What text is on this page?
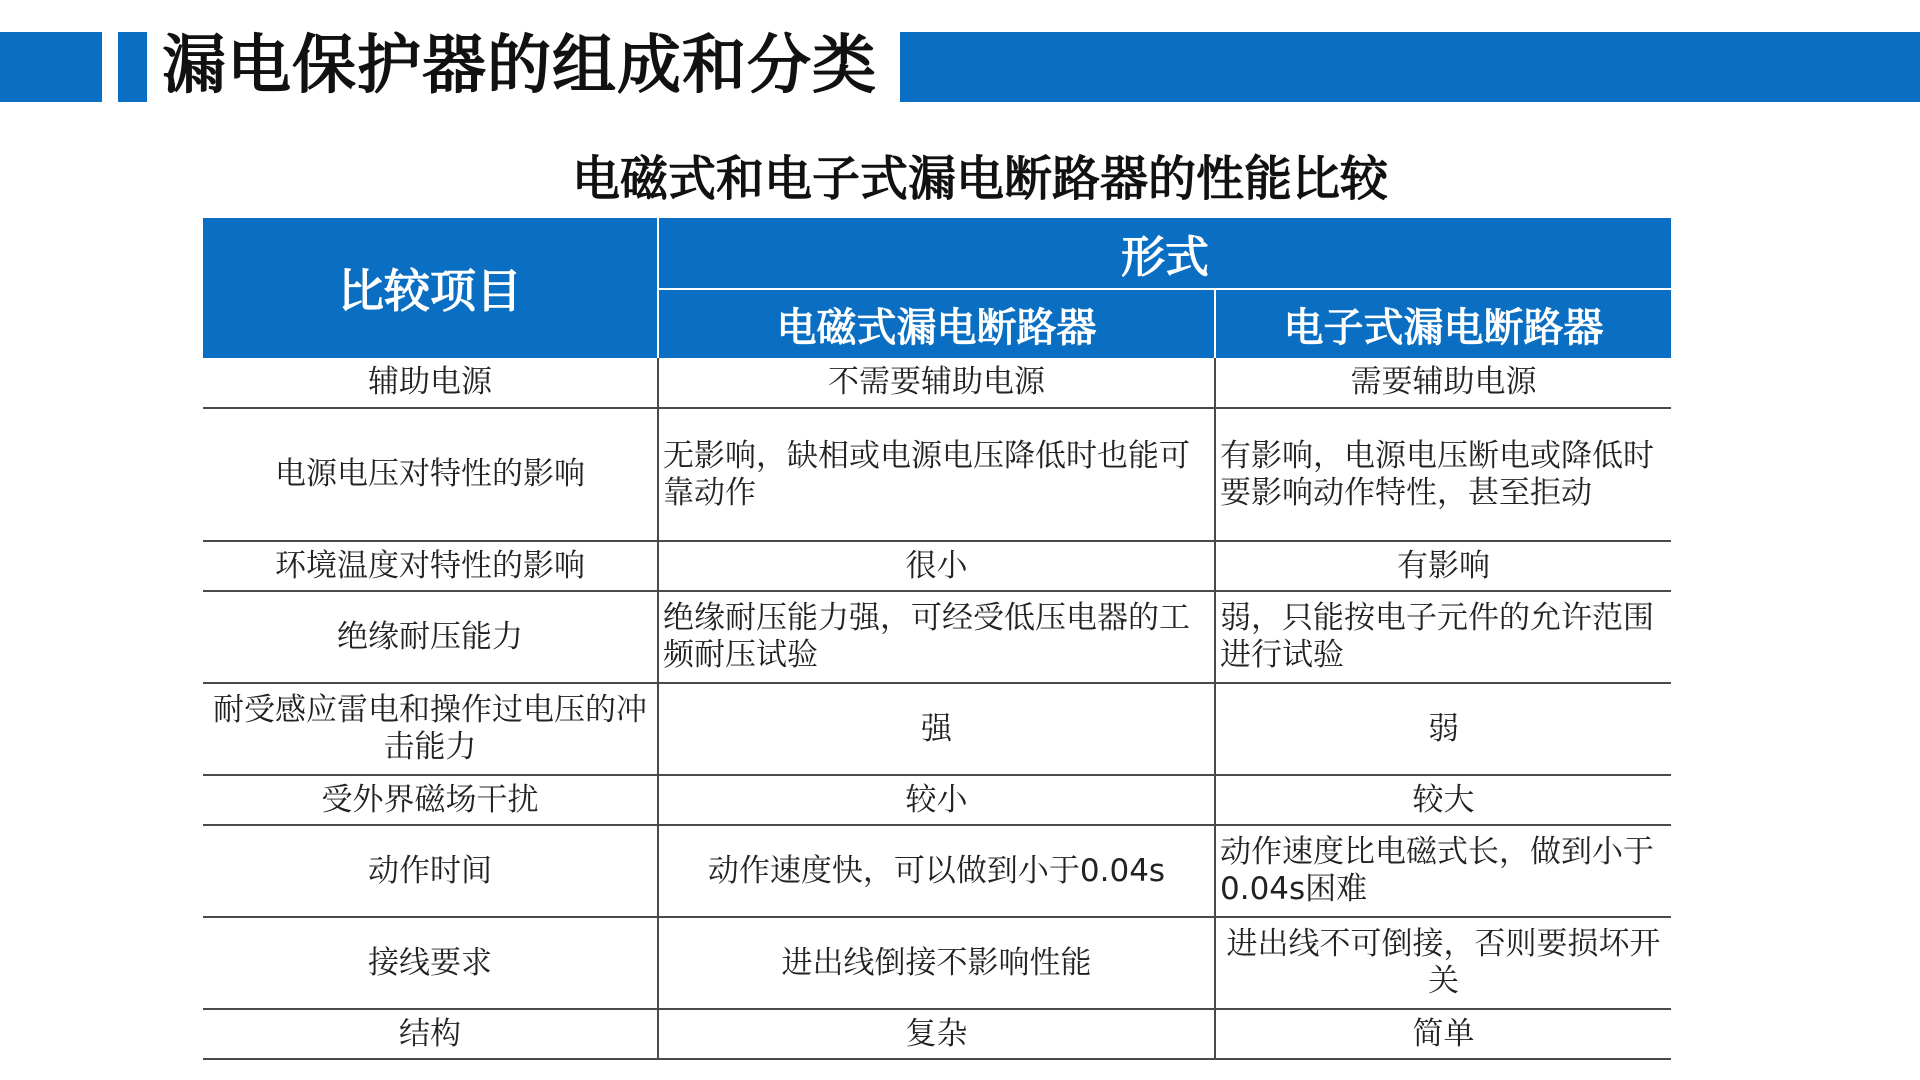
漏电保护器的组成和分类
电磁式和电子式漏电断路器的性能比较
比较项目	形式	
	电磁式漏电断路器	电子式漏电断路器
辅助电源	不需要辅助电源	需要辅助电源
电源电压对特性的影响	无影响，缺相或电源电压降低时也能可靠动作	有影响，电源电压断电或降低时要影响动作特性，甚至拒动
环境温度对特性的影响	很小	有影响
绝缘耐压能力	绝缘耐压能力强，可经受低压电器的工频耐压试验	弱，只能按电子元件的允许范围进行试验
耐受感应雷电和操作过电压的冲击能力	强	弱
受外界磁场干扰	较小	较大
动作时间	动作速度快，可以做到小于0.04s	动作速度比电磁式长，做到小于0.04s困难
接线要求	进出线倒接不影响性能	进出线不可倒接，否则要损坏开关
结构	复杂	简单
